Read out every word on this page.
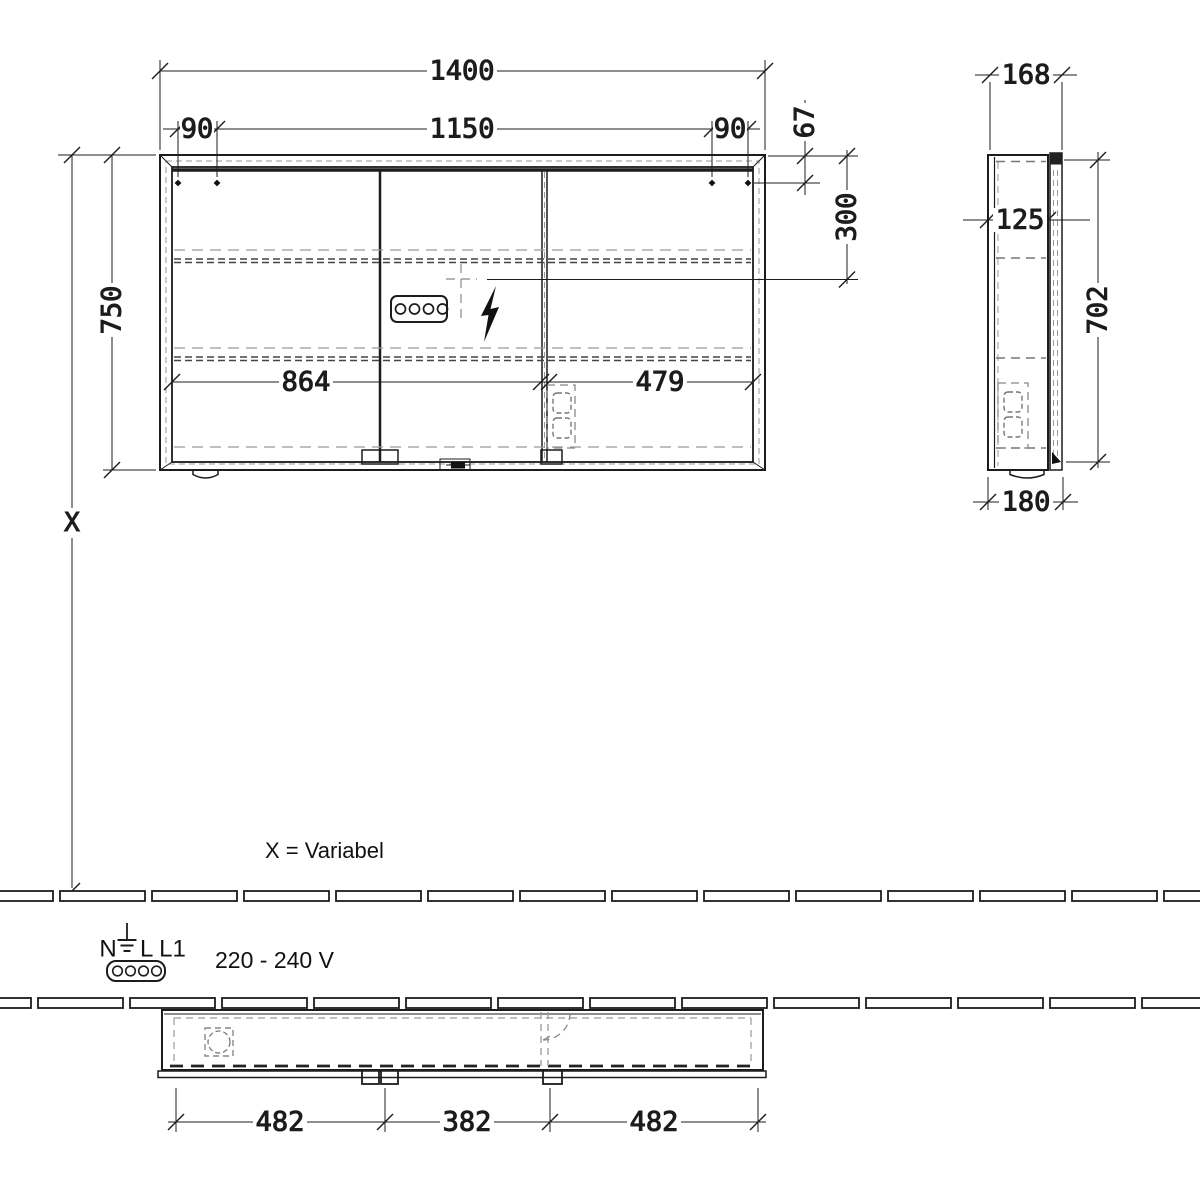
1400
90	1150	90
750
X
67
300
864	479
168
125
702
180
482	382	482
X = Variabel
N L L1 220 - 240 V
